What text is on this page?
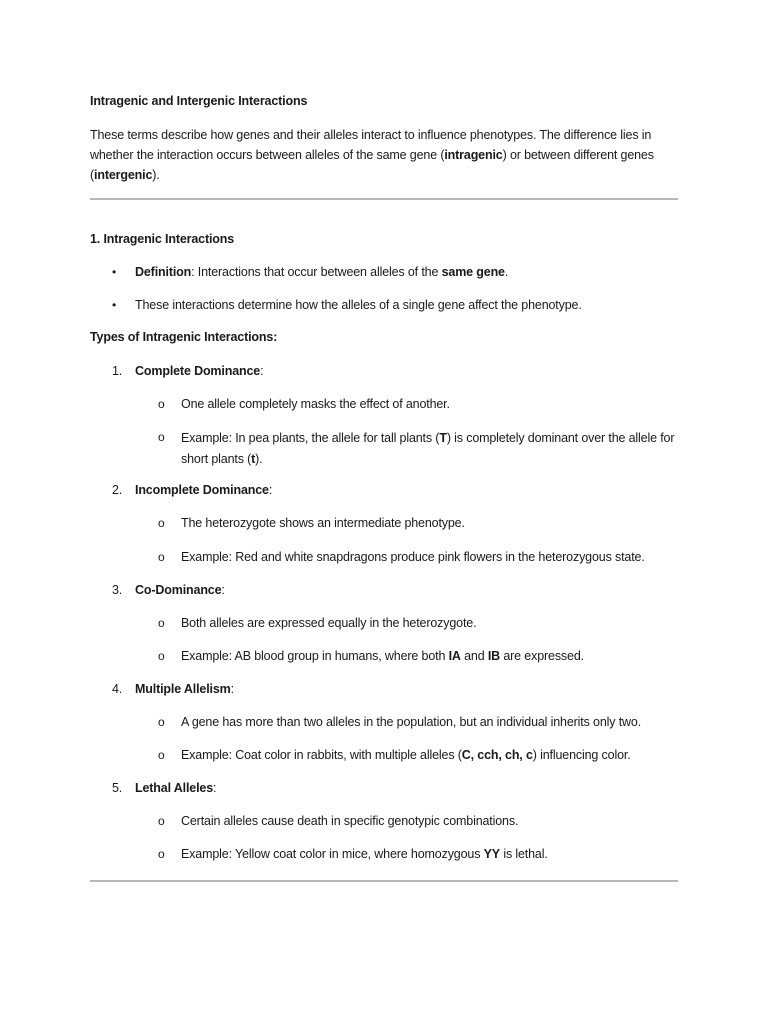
Intragenic and Intergenic Interactions
These terms describe how genes and their alleles interact to influence phenotypes. The difference lies in whether the interaction occurs between alleles of the same gene (intragenic) or between different genes (intergenic).
1. Intragenic Interactions
• Definition: Interactions that occur between alleles of the same gene.
• These interactions determine how the alleles of a single gene affect the phenotype.
Types of Intragenic Interactions:
1. Complete Dominance:
o One allele completely masks the effect of another.
o Example: In pea plants, the allele for tall plants (T) is completely dominant over the allele for short plants (t).
2. Incomplete Dominance:
o The heterozygote shows an intermediate phenotype.
o Example: Red and white snapdragons produce pink flowers in the heterozygous state.
3. Co-Dominance:
o Both alleles are expressed equally in the heterozygote.
o Example: AB blood group in humans, where both IA and IB are expressed.
4. Multiple Allelism:
o A gene has more than two alleles in the population, but an individual inherits only two.
o Example: Coat color in rabbits, with multiple alleles (C, cch, ch, c) influencing color.
5. Lethal Alleles:
o Certain alleles cause death in specific genotypic combinations.
o Example: Yellow coat color in mice, where homozygous YY is lethal.
